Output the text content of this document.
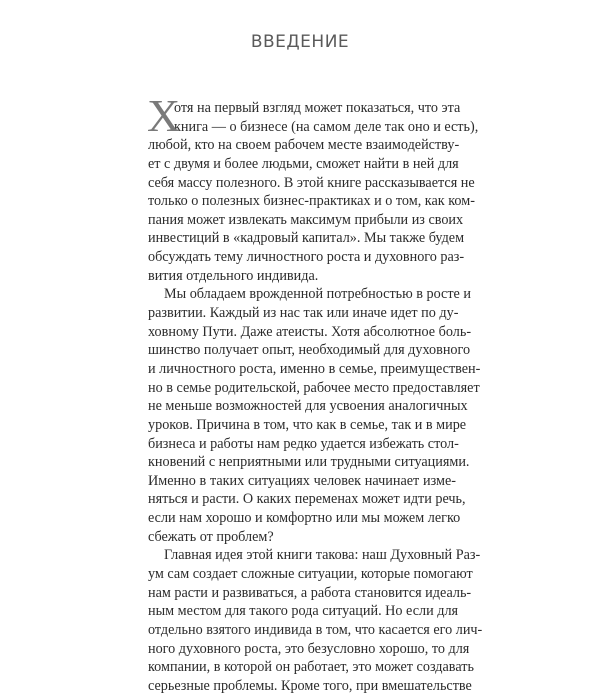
ВВЕДЕНИЕ
Х
отя на первый взгляд может показаться, что эта
книга — о бизнесе (на самом деле так оно и есть),
любой, кто на своем рабочем месте взаимодейству-
ет с двумя и более людьми, сможет найти в ней для
себя массу полезного. В этой книге рассказывается не
только о полезных бизнес-практиках и о том, как ком-
пания может извлекать максимум прибыли из своих
инвестиций в «кадровый капитал». Мы также будем
обсуждать тему личностного роста и духовного раз-
вития отдельного индивида.
Мы обладаем врожденной потребностью в росте и
развитии. Каждый из нас так или иначе идет по ду-
ховному Пути. Даже атеисты. Хотя абсолютное боль-
шинство получает опыт, необходимый для духовного
и личностного роста, именно в семье, преимуществен-
но в семье родительской, рабочее место предоставляет
не меньше возможностей для усвоения аналогичных
уроков. Причина в том, что как в семье, так и в мире
бизнеса и работы нам редко удается избежать стол-
кновений с неприятными или трудными ситуациями.
Именно в таких ситуациях человек начинает изме-
няться и расти. О каких переменах может идти речь,
если нам хорошо и комфортно или мы можем легко
сбежать от проблем?
Главная идея этой книги такова: наш Духовный Раз-
ум сам создает сложные ситуации, которые помогают
нам расти и развиваться, а работа становится идеаль-
ным местом для такого рода ситуаций. Но если для
отдельно взятого индивида в том, что касается его лич-
ного духовного роста, это безусловно хорошо, то для
компании, в которой он работает, это может создавать
серьезные проблемы. Кроме того, при вмешательстве
